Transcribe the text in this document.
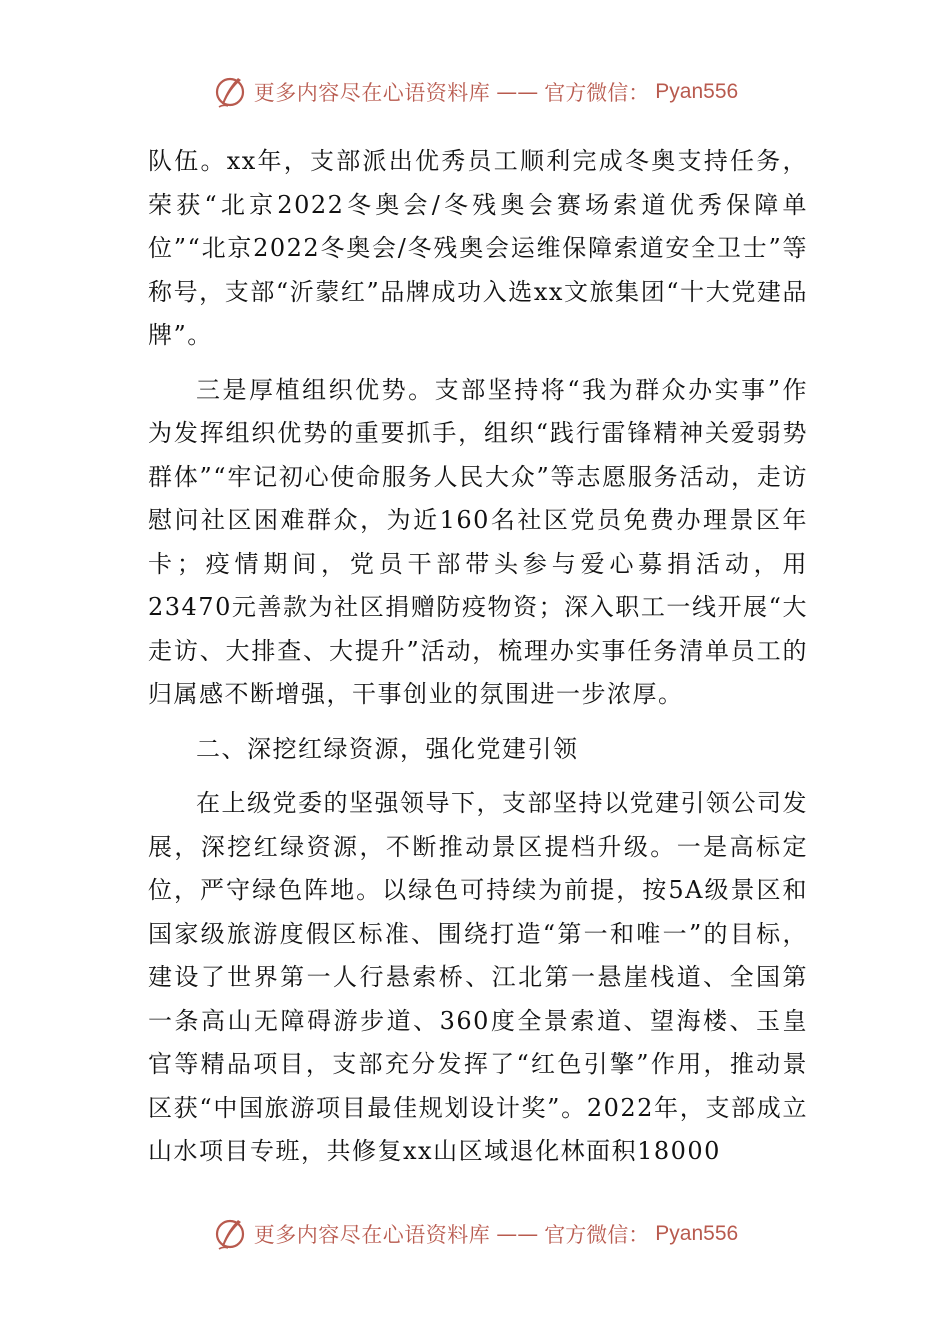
更多内容尽在心语资料库 —— 官方微信： Pyan556

队伍。xx年，支部派出优秀员工顺利完成冬奥支持任务，荣获“北京2022冬奥会/冬残奥会赛场索道优秀保障单位”“北京2022冬奥会/冬残奥会运维保障索道安全卫士”等称号，支部“沂蒙红”品牌成功入选xx文旅集团“十大党建品牌”。

三是厚植组织优势。支部坚持将“我为群众办实事”作为发挥组织优势的重要抓手，组织“践行雷锋精神关爱弱势群体”“牢记初心使命服务人民大众”等志愿服务活动，走访慰问社区困难群众，为近160名社区党员免费办理景区年卡；疫情期间，党员干部带头参与爱心募捐活动，用23470元善款为社区捐赠防疫物资；深入职工一线开展“大走访、大排查、大提升”活动，梳理办实事任务清单员工的归属感不断增强，干事创业的氛围进一步浓厚。

二、深挖红绿资源，强化党建引领

在上级党委的坚强领导下，支部坚持以党建引领公司发展，深挖红绿资源，不断推动景区提档升级。一是高标定位，严守绿色阵地。以绿色可持续为前提，按5A级景区和国家级旅游度假区标准、围绕打造“第一和唯一”的目标，建设了世界第一人行悬索桥、江北第一悬崖栈道、全国第一条高山无障碍游步道、360度全景索道、望海楼、玉皇官等精品项目，支部充分发挥了“红色引擎”作用，推动景区获“中国旅游项目最佳规划设计奖”。2022年，支部成立山水项目专班，共修复xx山区域退化林面积18000

更多内容尽在心语资料库 —— 官方微信： Pyan556
